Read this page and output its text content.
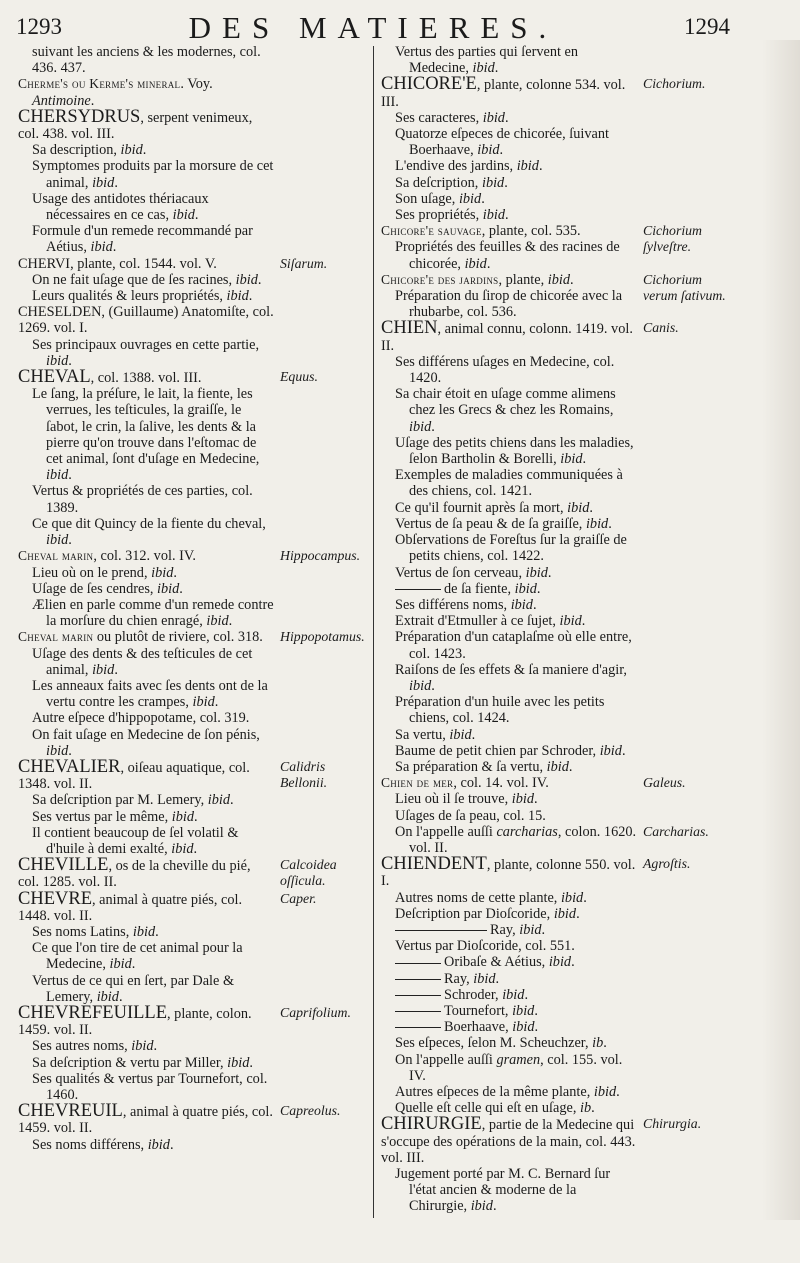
1293	DES MATIERES.	1294
suivant les anciens & les modernes, col. 436. 437.
Cherme's ou Kerme's mineral. Voy. Antimoine.
CHERSYDRUS, serpent venimeux, col. 438. vol. III.
Sa description, ibid.
Symptomes produits par la morsure de cet animal, ibid.
Usage des antidotes thériacaux nécessaires en ce cas, ibid.
Formule d'un remede recommandé par Aétius, ibid.
Siſarum.
CHERVI, plante, col. 1544. vol. V.
On ne fait uſage que de ſes racines, ibid.
Leurs qualités & leurs propriétés, ibid.
CHESELDEN, (Guillaume) Anatomiſte, col. 1269. vol. I.
Ses principaux ouvrages en cette partie, ibid.
Equus.
CHEVAL, col. 1388. vol. III.
Le ſang, la préſure, le lait, la fiente, les verrues, les teſticules, la graiſſe, le ſabot, le crin, la ſalive, les dents & la pierre qu'on trouve dans l'eſtomac de cet animal, ſont d'uſage en Medecine, ibid.
Vertus & propriétés de ces parties, col. 1389.
Ce que dit Quincy de la fiente du cheval, ibid.
Hippocampus.
Cheval marin, col. 312. vol. IV.
Lieu où on le prend, ibid.
Uſage de ſes cendres, ibid.
Ælien en parle comme d'un remede contre la morſure du chien enragé, ibid.
Hippopotamus.
Cheval marin ou plutôt de riviere, col. 318.
Uſage des dents & des teſticules de cet animal, ibid.
Les anneaux faits avec ſes dents ont de la vertu contre les crampes, ibid.
Autre eſpece d'hippopotame, col. 319.
On fait uſage en Medecine de ſon pénis, ibid.
Calidris Bellonii.
CHEVALIER, oiſeau aquatique, col. 1348. vol. II.
Sa deſcription par M. Lemery, ibid.
Ses vertus par le même, ibid.
Il contient beaucoup de ſel volatil & d'huile à demi exalté, ibid.
Calcoidea oſſicula.
CHEVILLE, os de la cheville du pié, col. 1285. vol. II.
Caper.
CHEVRE, animal à quatre piés, col. 1448. vol. II.
Ses noms Latins, ibid.
Ce que l'on tire de cet animal pour la Medecine, ibid.
Vertus de ce qui en ſert, par Dale & Lemery, ibid.
Caprifolium.
CHEVREFEUILLE, plante, colon. 1459. vol. II.
Ses autres noms, ibid.
Sa deſcription & vertu par Miller, ibid.
Ses qualités & vertus par Tournefort, col. 1460.
Capreolus.
CHEVREUIL, animal à quatre piés, col. 1459. vol. II.
Ses noms différens, ibid.
Vertus des parties qui ſervent en Medecine, ibid.
Cichorium.
CHICORE'E, plante, colonne 534. vol. III.
Ses caracteres, ibid.
Quatorze eſpeces de chicorée, ſuivant Boerhaave, ibid.
L'endive des jardins, ibid.
Sa deſcription, ibid.
Son uſage, ibid.
Ses propriétés, ibid.
Cichorium ſylveſtre.
Chicore'e sauvage, plante, col. 535.
Propriétés des feuilles & des racines de chicorée, ibid.
Cichorium verum ſativum.
Chicore'e des jardins, plante, ibid.
Préparation du ſirop de chicorée avec la rhubarbe, col. 536.
Canis.
CHIEN, animal connu, colonn. 1419. vol. II.
Ses différens uſages en Medecine, col. 1420.
Sa chair étoit en uſage comme alimens chez les Grecs & chez les Romains, ibid.
Uſage des petits chiens dans les maladies, ſelon Bartholin & Borelli, ibid.
Exemples de maladies communiquées à des chiens, col. 1421.
Ce qu'il fournit après ſa mort, ibid.
Vertus de ſa peau & de ſa graiſſe, ibid.
Obſervations de Foreſtus ſur la graiſſe de petits chiens, col. 1422.
Vertus de ſon cerveau, ibid.
de ſa fiente, ibid.
Ses différens noms, ibid.
Extrait d'Etmuller à ce ſujet, ibid.
Préparation d'un cataplaſme où elle entre, col. 1423.
Raiſons de ſes effets & ſa maniere d'agir, ibid.
Préparation d'un huile avec les petits chiens, col. 1424.
Sa vertu, ibid.
Baume de petit chien par Schroder, ibid.
Sa préparation & ſa vertu, ibid.
Galeus.
Chien de mer, col. 14. vol. IV.
Lieu où il ſe trouve, ibid.
Uſages de ſa peau, col. 15.
Carcharias.
On l'appelle auſſi carcharias, colon. 1620. vol. II.
Agroſtis.
CHIENDENT, plante, colonne 550. vol. I.
Autres noms de cette plante, ibid.
Deſcription par Dioſcoride, ibid.
Ray, ibid.
Vertus par Dioſcoride, col. 551.
Oribaſe & Aétius, ibid.
Ray, ibid.
Schroder, ibid.
Tournefort, ibid.
Boerhaave, ibid.
Ses eſpeces, ſelon M. Scheuchzer, ib.
On l'appelle auſſi gramen, col. 155. vol. IV.
Autres eſpeces de la même plante, ibid.
Quelle eſt celle qui eſt en uſage, ib.
Chirurgia.
CHIRURGIE, partie de la Medecine qui s'occupe des opérations de la main, col. 443. vol. III.
Jugement porté par M. C. Bernard ſur l'état ancien & moderne de la Chirurgie, ibid.
